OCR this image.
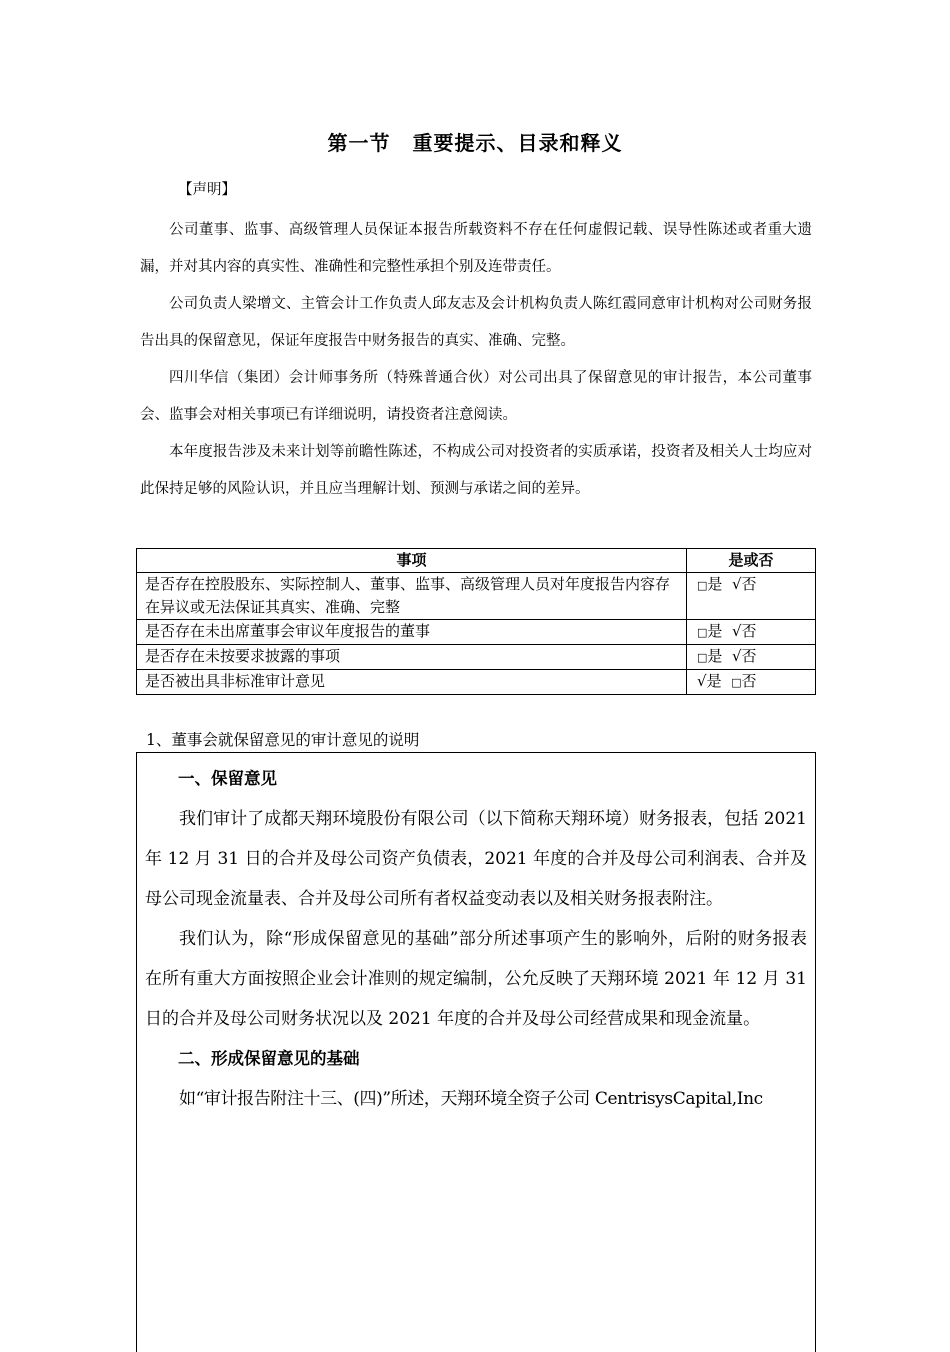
第一节 重要提示、目录和释义
【声明】

公司董事、监事、高级管理人员保证本报告所载资料不存在任何虚假记载、误导性陈述或者重大遗漏，并对其内容的真实性、准确性和完整性承担个别及连带责任。

公司负责人梁增文、主管会计工作负责人邱友志及会计机构负责人陈红霞同意审计机构对公司财务报告出具的保留意见，保证年度报告中财务报告的真实、准确、完整。

四川华信（集团）会计师事务所（特殊普通合伙）对公司出具了保留意见的审计报告，本公司董事会、监事会对相关事项已有详细说明，请投资者注意阅读。

本年度报告涉及未来计划等前瞻性陈述，不构成公司对投资者的实质承诺，投资者及相关人士均应对此保持足够的风险认识，并且应当理解计划、预测与承诺之间的差异。

事项	是或否
是否存在控股股东、实际控制人、董事、监事、高级管理人员对年度报告内容存在异议或无法保证其真实、准确、完整	□是 √否
是否存在未出席董事会审议年度报告的董事	□是 √否
是否存在未按要求披露的事项	□是 √否
是否被出具非标准审计意见	√是 □否
1、董事会就保留意见的审计意见的说明
一、保留意见

我们审计了成都天翔环境股份有限公司（以下简称天翔环境）财务报表，包括 2021 年 12 月 31 日的合并及母公司资产负债表，2021 年度的合并及母公司利润表、合并及母公司现金流量表、合并及母公司所有者权益变动表以及相关财务报表附注。

我们认为，除“形成保留意见的基础”部分所述事项产生的影响外，后附的财务报表在所有重大方面按照企业会计准则的规定编制，公允反映了天翔环境 2021 年 12 月 31 日的合并及母公司财务状况以及 2021 年度的合并及母公司经营成果和现金流量。

二、形成保留意见的基础
如“审计报告附注十三、(四)”所述，天翔环境全资子公司 CentrisysCapital,Inc
